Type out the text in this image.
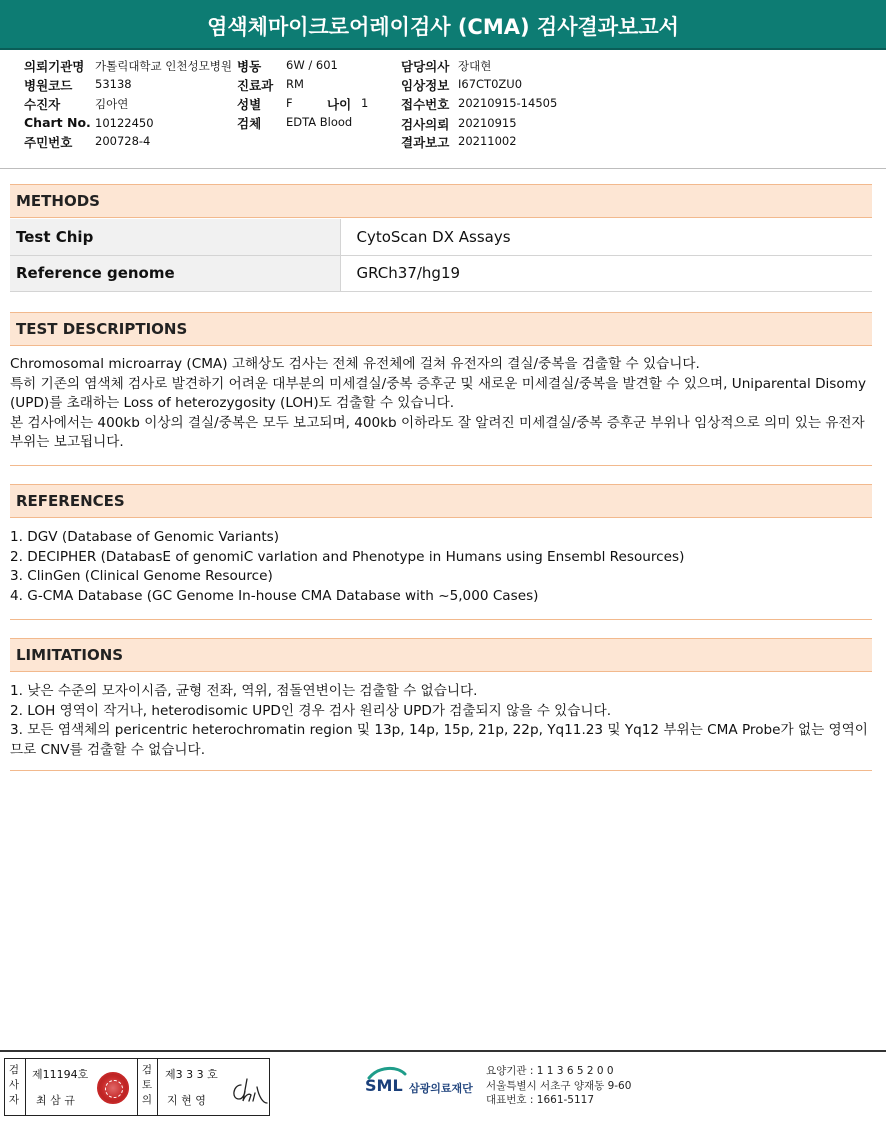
염색체마이크로어레이검사 (CMA) 검사결과보고서
의뢰기관명 가톨릭대학교 인천성모병원
병원코드 53138
수진자	김아연
Chart No. 10122450
주민번호 200728-4
병동 6W / 601
진료과 RM
성별 F	나이 1
검체 EDTA Blood
담당의사 장대현
임상정보 I67CT0ZU0
접수번호 20210915-14505
검사의뢰 20210915
결과보고 20211002
METHODS
Test Chip	CytoScan DX Assays
Reference genome	GRCh37/hg19
TEST DESCRIPTIONS
Chromosomal microarray (CMA) 고해상도 검사는 전체 유전체에 걸쳐 유전자의 결실/중복을 검출할 수 있습니다.
특히 기존의 염색체 검사로 발견하기 어려운 대부분의 미세결실/중복 증후군 및 새로운 미세결실/중복을 발견할 수 있으며, Uniparental Disomy (UPD)를 초래하는 Loss of heterozygosity (LOH)도 검출할 수 있습니다.
본 검사에서는 400kb 이상의 결실/중복은 모두 보고되며, 400kb 이하라도 잘 알려진 미세결실/중복 증후군 부위나 임상적으로 의미 있는 유전자 부위는 보고됩니다.
REFERENCES
1. DGV (Database of Genomic Variants)
2. DECIPHER (DatabasE of genomiC varIation and Phenotype in Humans using Ensembl Resources)
3. ClinGen (Clinical Genome Resource)
4. G-CMA Database (GC Genome In-house CMA Database with ~5,000 Cases)
LIMITATIONS
1. 낮은 수준의 모자이시즘, 균형 전좌, 역위, 점돌연변이는 검출할 수 없습니다.
2. LOH 영역이 작거나, heterodisomic UPD인 경우 검사 원리상 UPD가 검출되지 않을 수 있습니다.
3. 모든 염색체의 pericentric heterochromatin region 및 13p, 14p, 15p, 21p, 22p, Yq11.23 및 Yq12 부위는 CMA Probe가 없는 영역이므로 CNV를 검출할 수 없습니다.
검사자
제11194호
최 삼 규
검토의
제3 3 3 호
지 현 영
SML 삼광의료재단
요양기관 : 1 1 3 6 5 2 0 0
서울특별시 서초구 양재동 9-60
대표번호 : 1661-5117
